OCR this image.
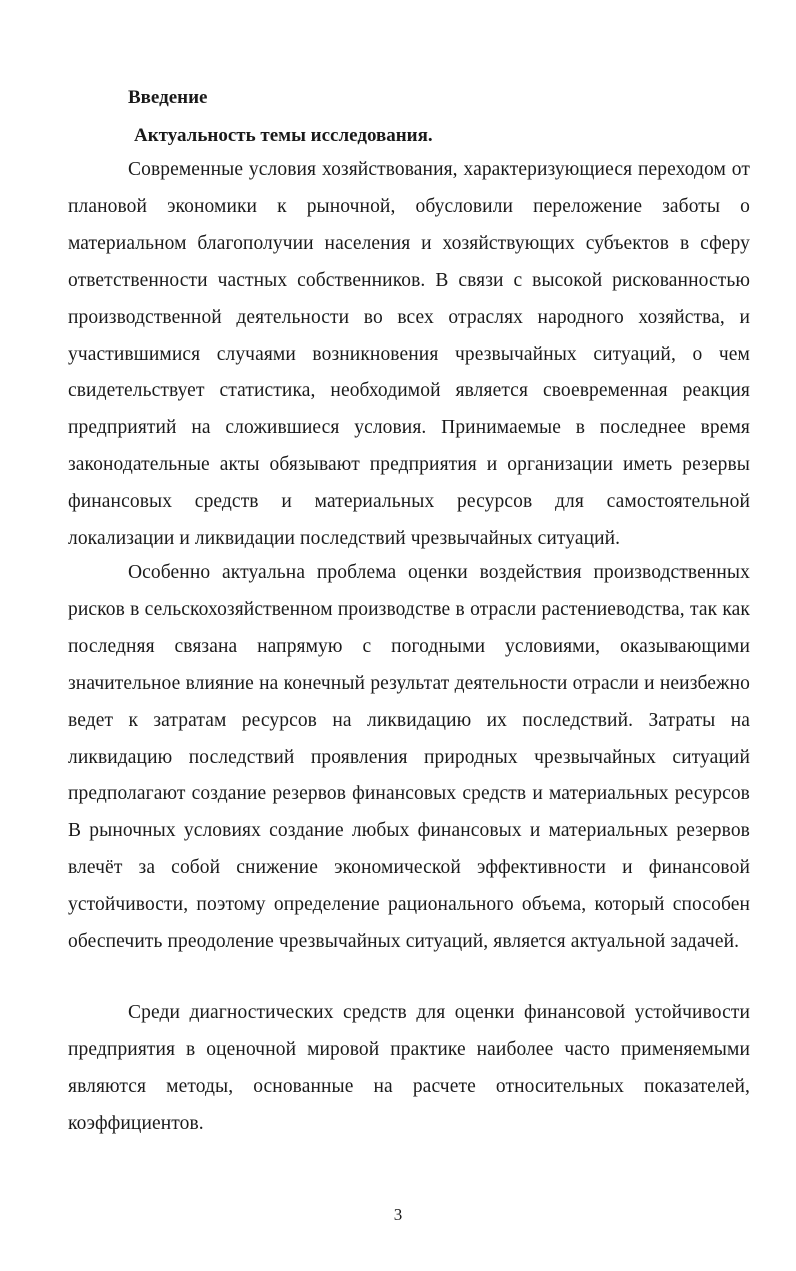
Введение
Актуальность темы исследования.

Современные условия хозяйствования, характеризующиеся переходом от плановой экономики к рыночной, обусловили переложение заботы о материальном благополучии населения и хозяйствующих субъектов в сферу ответственности частных собственников. В связи с высокой рискованностью производственной деятельности во всех отраслях народного хозяйства, и участившимися случаями возникновения чрезвычайных ситуаций, о чем свидетельствует статистика, необходимой является своевременная реакция предприятий на сложившиеся условия. Принимаемые в последнее время законодательные акты обязывают предприятия и организации иметь резервы финансовых средств и материальных ресурсов для самостоятельной локализации и ликвидации последствий чрезвычайных ситуаций.

Особенно актуальна проблема оценки воздействия производственных рисков в сельскохозяйственном производстве в отрасли растениеводства, так как последняя связана напрямую с погодными условиями, оказывающими значительное влияние на конечный результат деятельности отрасли и неизбежно ведет к затратам ресурсов на ликвидацию их последствий. Затраты на ликвидацию последствий проявления природных чрезвычайных ситуаций предполагают создание резервов финансовых средств и материальных ресурсов В рыночных условиях создание любых финансовых и материальных резервов влечёт за собой снижение экономической эффективности и финансовой устойчивости, поэтому определение рационального объема, который способен обеспечить преодоление чрезвычайных ситуаций, является актуальной задачей.

Среди диагностических средств для оценки финансовой устойчивости предприятия в оценочной мировой практике наиболее часто применяемыми являются методы, основанные на расчете относительных показателей, коэффициентов.

3
